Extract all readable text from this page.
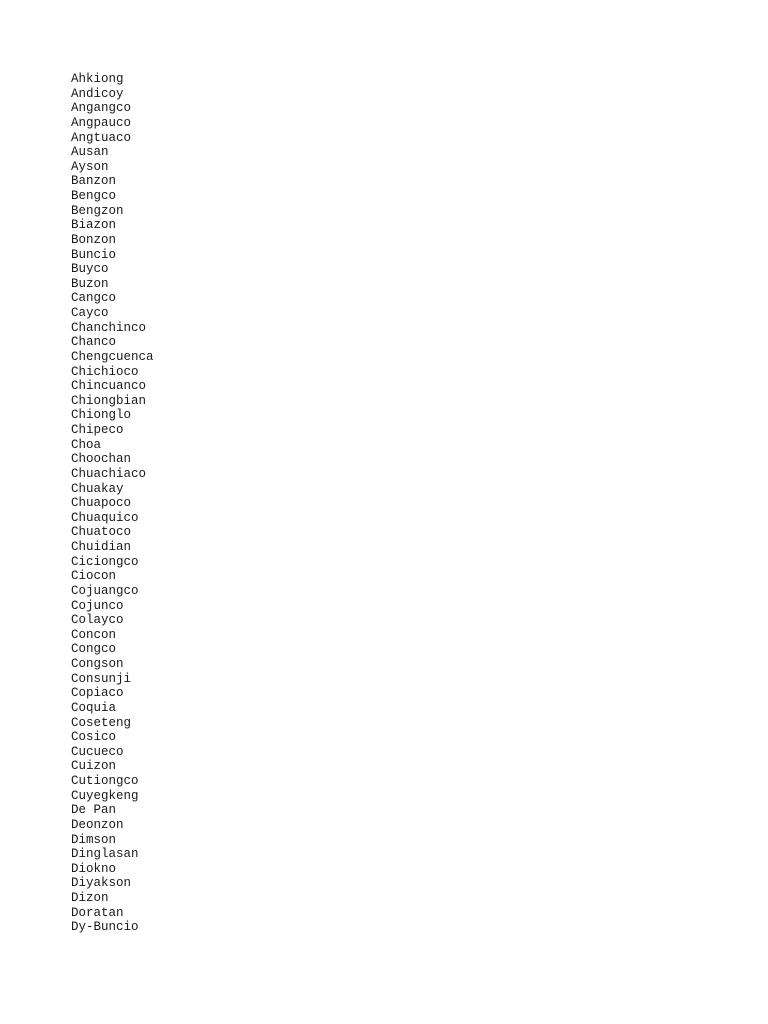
Ahkiong
Andicoy
Angangco
Angpauco
Angtuaco
Ausan
Ayson
Banzon
Bengco
Bengzon
Biazon
Bonzon
Buncio
Buyco
Buzon
Cangco
Cayco
Chanchinco
Chanco
Chengcuenca
Chichioco
Chincuanco
Chiongbian
Chionglo
Chipeco
Choa
Choochan
Chuachiaco
Chuakay
Chuapoco
Chuaquico
Chuatoco
Chuidian
Ciciongco
Ciocon
Cojuangco
Cojunco
Colayco
Concon
Congco
Congson
Consunji
Copiaco
Coquia
Coseteng
Cosico
Cucueco
Cuizon
Cutiongco
Cuyegkeng
De Pan
Deonzon
Dimson
Dinglasan
Diokno
Diyakson
Dizon
Doratan
Dy-Buncio
